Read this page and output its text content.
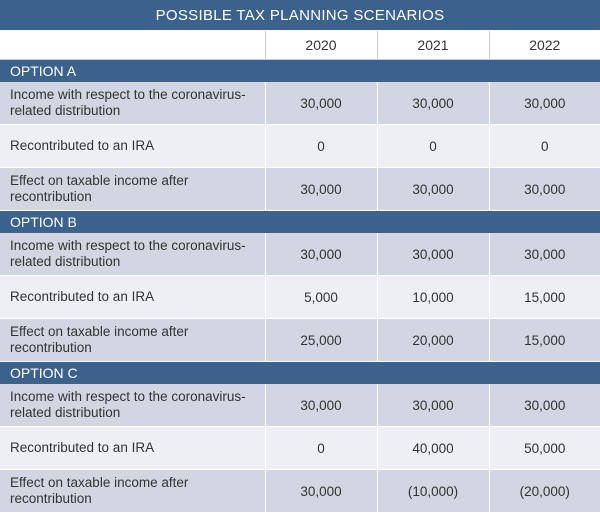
POSSIBLE TAX PLANNING SCENARIOS			
	2020	2021	2022
OPTION A			
Income with respect to the coronavirus-related distribution	30,000	30,000	30,000
Recontributed to an IRA	0	0	0
Effect on taxable income after recontribution	30,000	30,000	30,000
OPTION B			
Income with respect to the coronavirus-related distribution	30,000	30,000	30,000
Recontributed to an IRA	5,000	10,000	15,000
Effect on taxable income after recontribution	25,000	20,000	15,000
OPTION C			
Income with respect to the coronavirus-related distribution	30,000	30,000	30,000
Recontributed to an IRA	0	40,000	50,000
Effect on taxable income after recontribution	30,000	(10,000)	(20,000)
